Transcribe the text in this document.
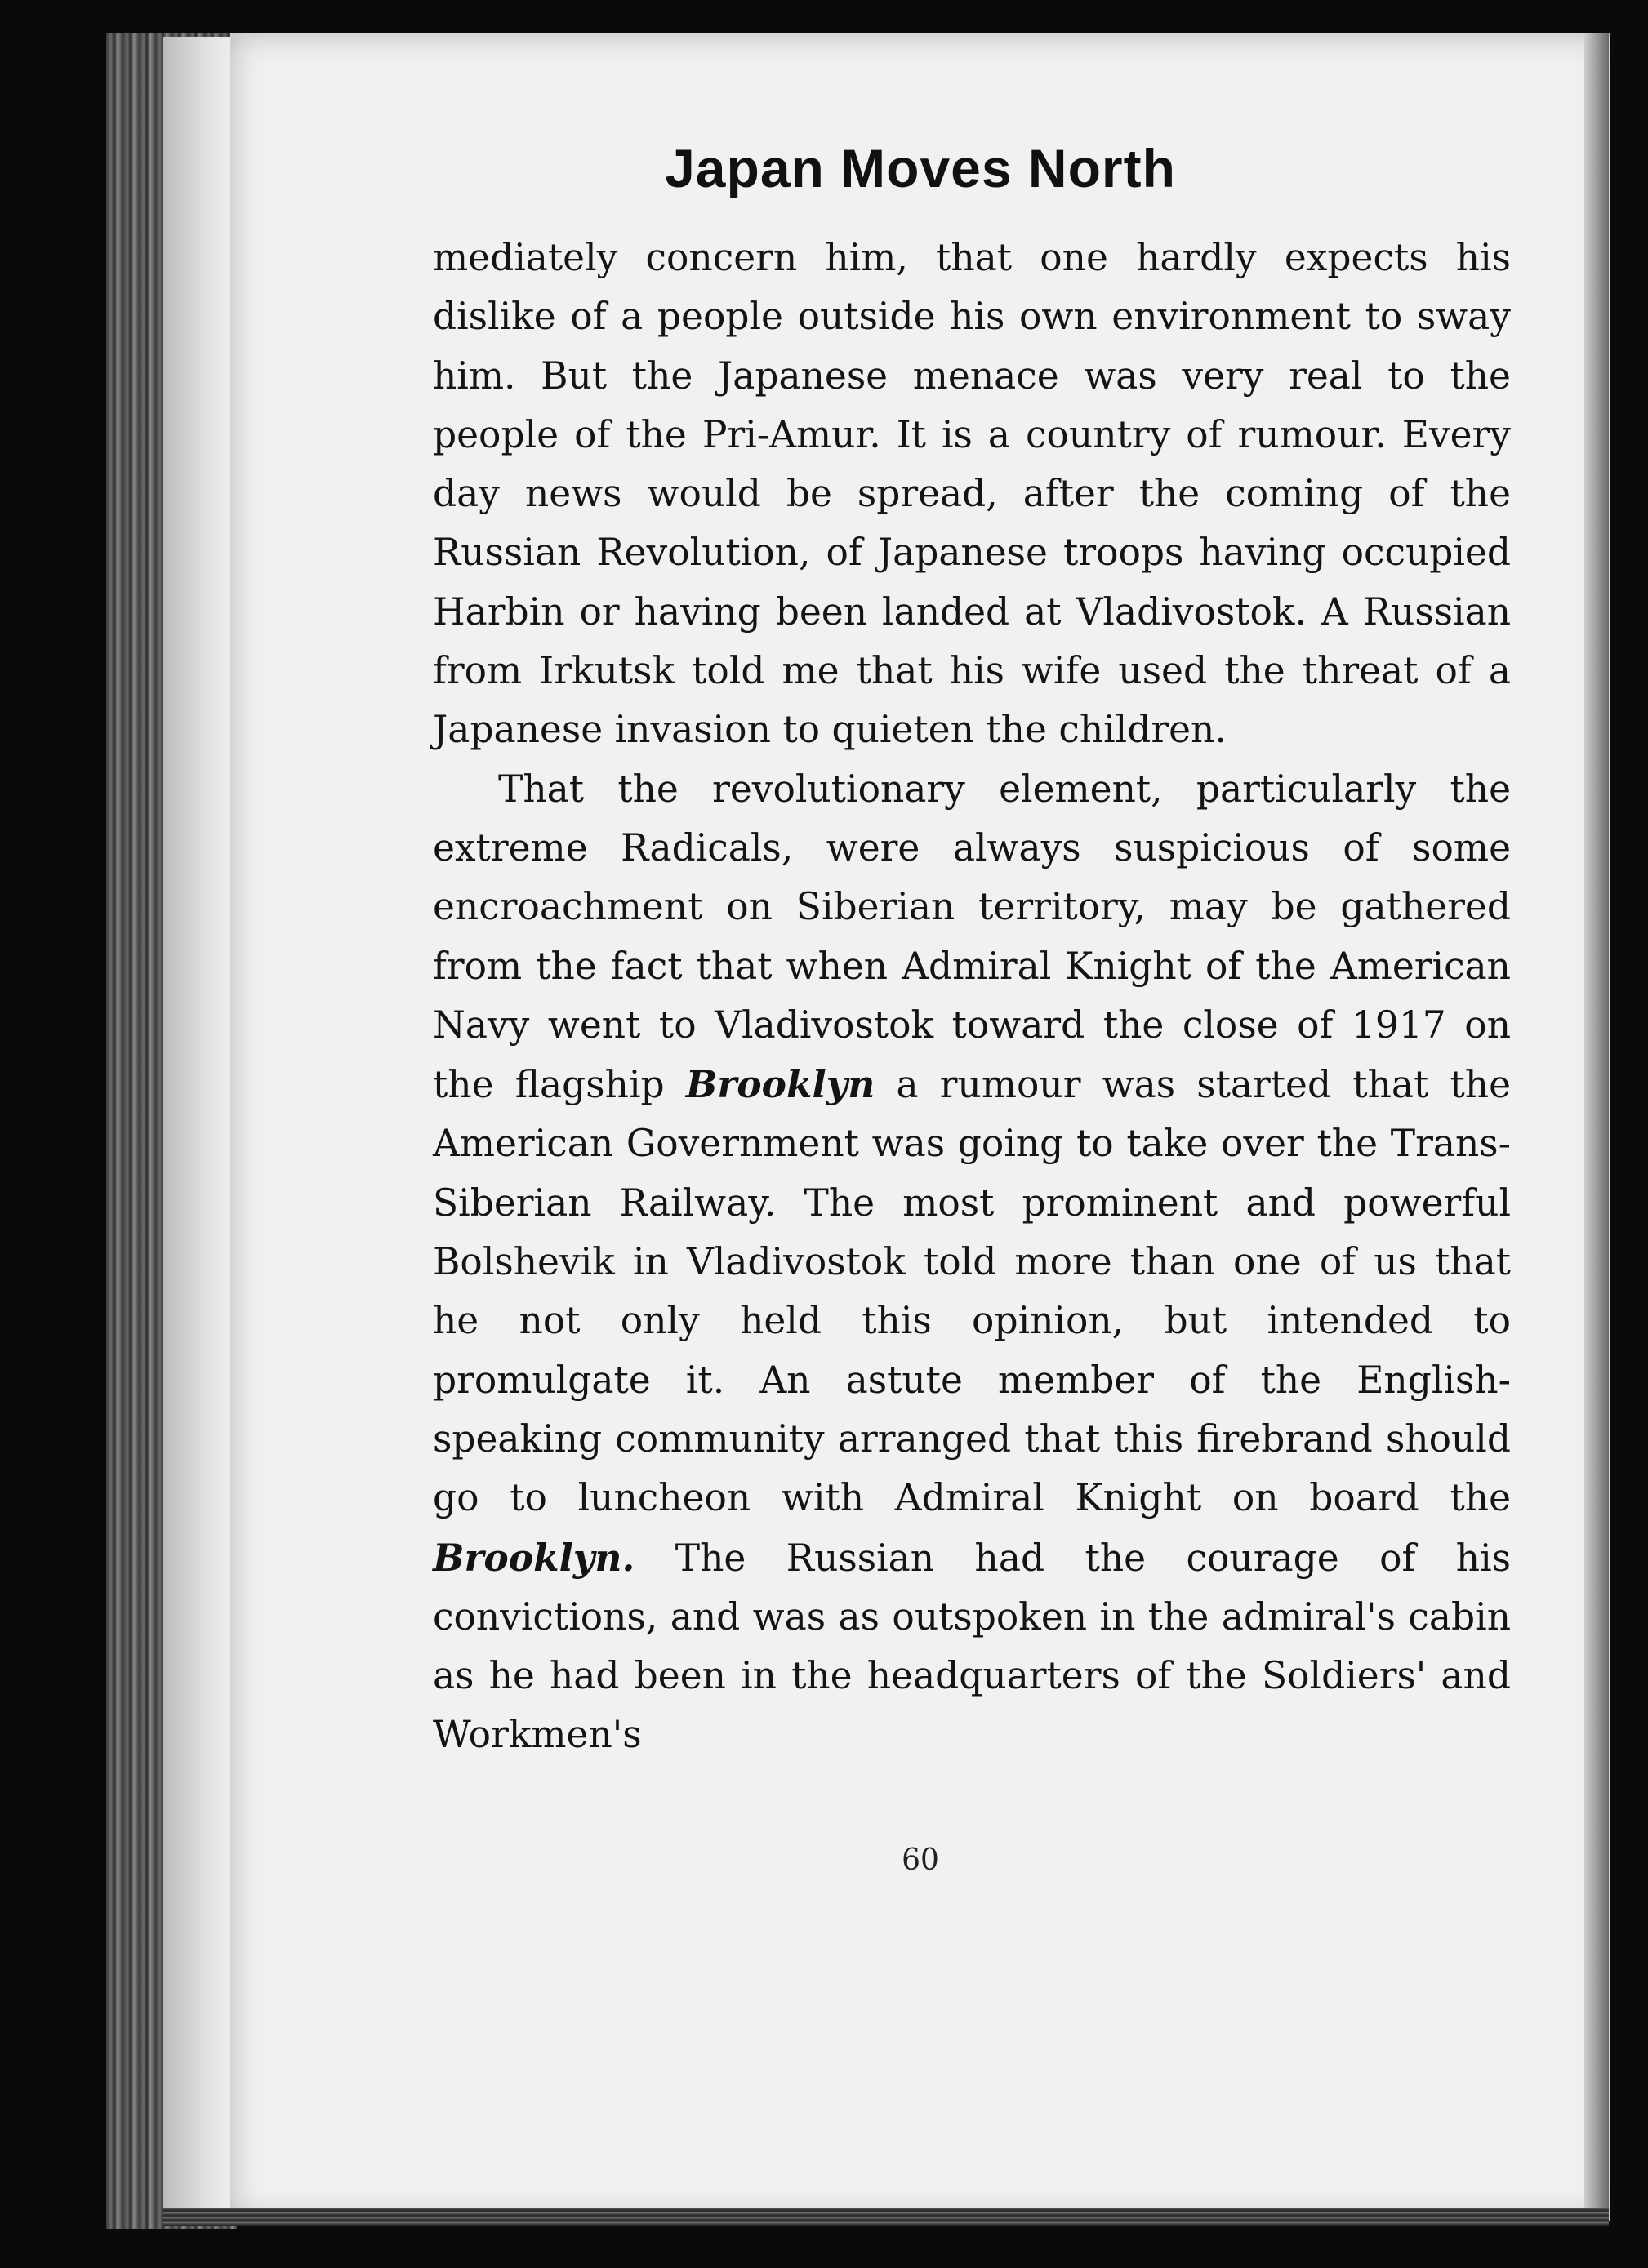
Japan Moves North

mediately concern him, that one hardly expects his dislike of a people outside his own environment to sway him. But the Japanese menace was very real to the people of the Pri-Amur. It is a country of rumour. Every day news would be spread, after the coming of the Russian Revolution, of Japanese troops having occupied Harbin or having been landed at Vladivostok. A Russian from Irkutsk told me that his wife used the threat of a Japanese invasion to quieten the children.

That the revolutionary element, particularly the extreme Radicals, were always suspicious of some encroachment on Siberian territory, may be gathered from the fact that when Admiral Knight of the American Navy went to Vladivostok toward the close of 1917 on the flagship Brooklyn a rumour was started that the American Government was going to take over the Trans-Siberian Railway. The most prominent and powerful Bolshevik in Vladivostok told more than one of us that he not only held this opinion, but intended to promulgate it. An astute member of the English-speaking community arranged that this firebrand should go to luncheon with Admiral Knight on board the Brooklyn. The Russian had the courage of his convictions, and was as outspoken in the admiral's cabin as he had been in the headquarters of the Soldiers' and Workmen's

60
